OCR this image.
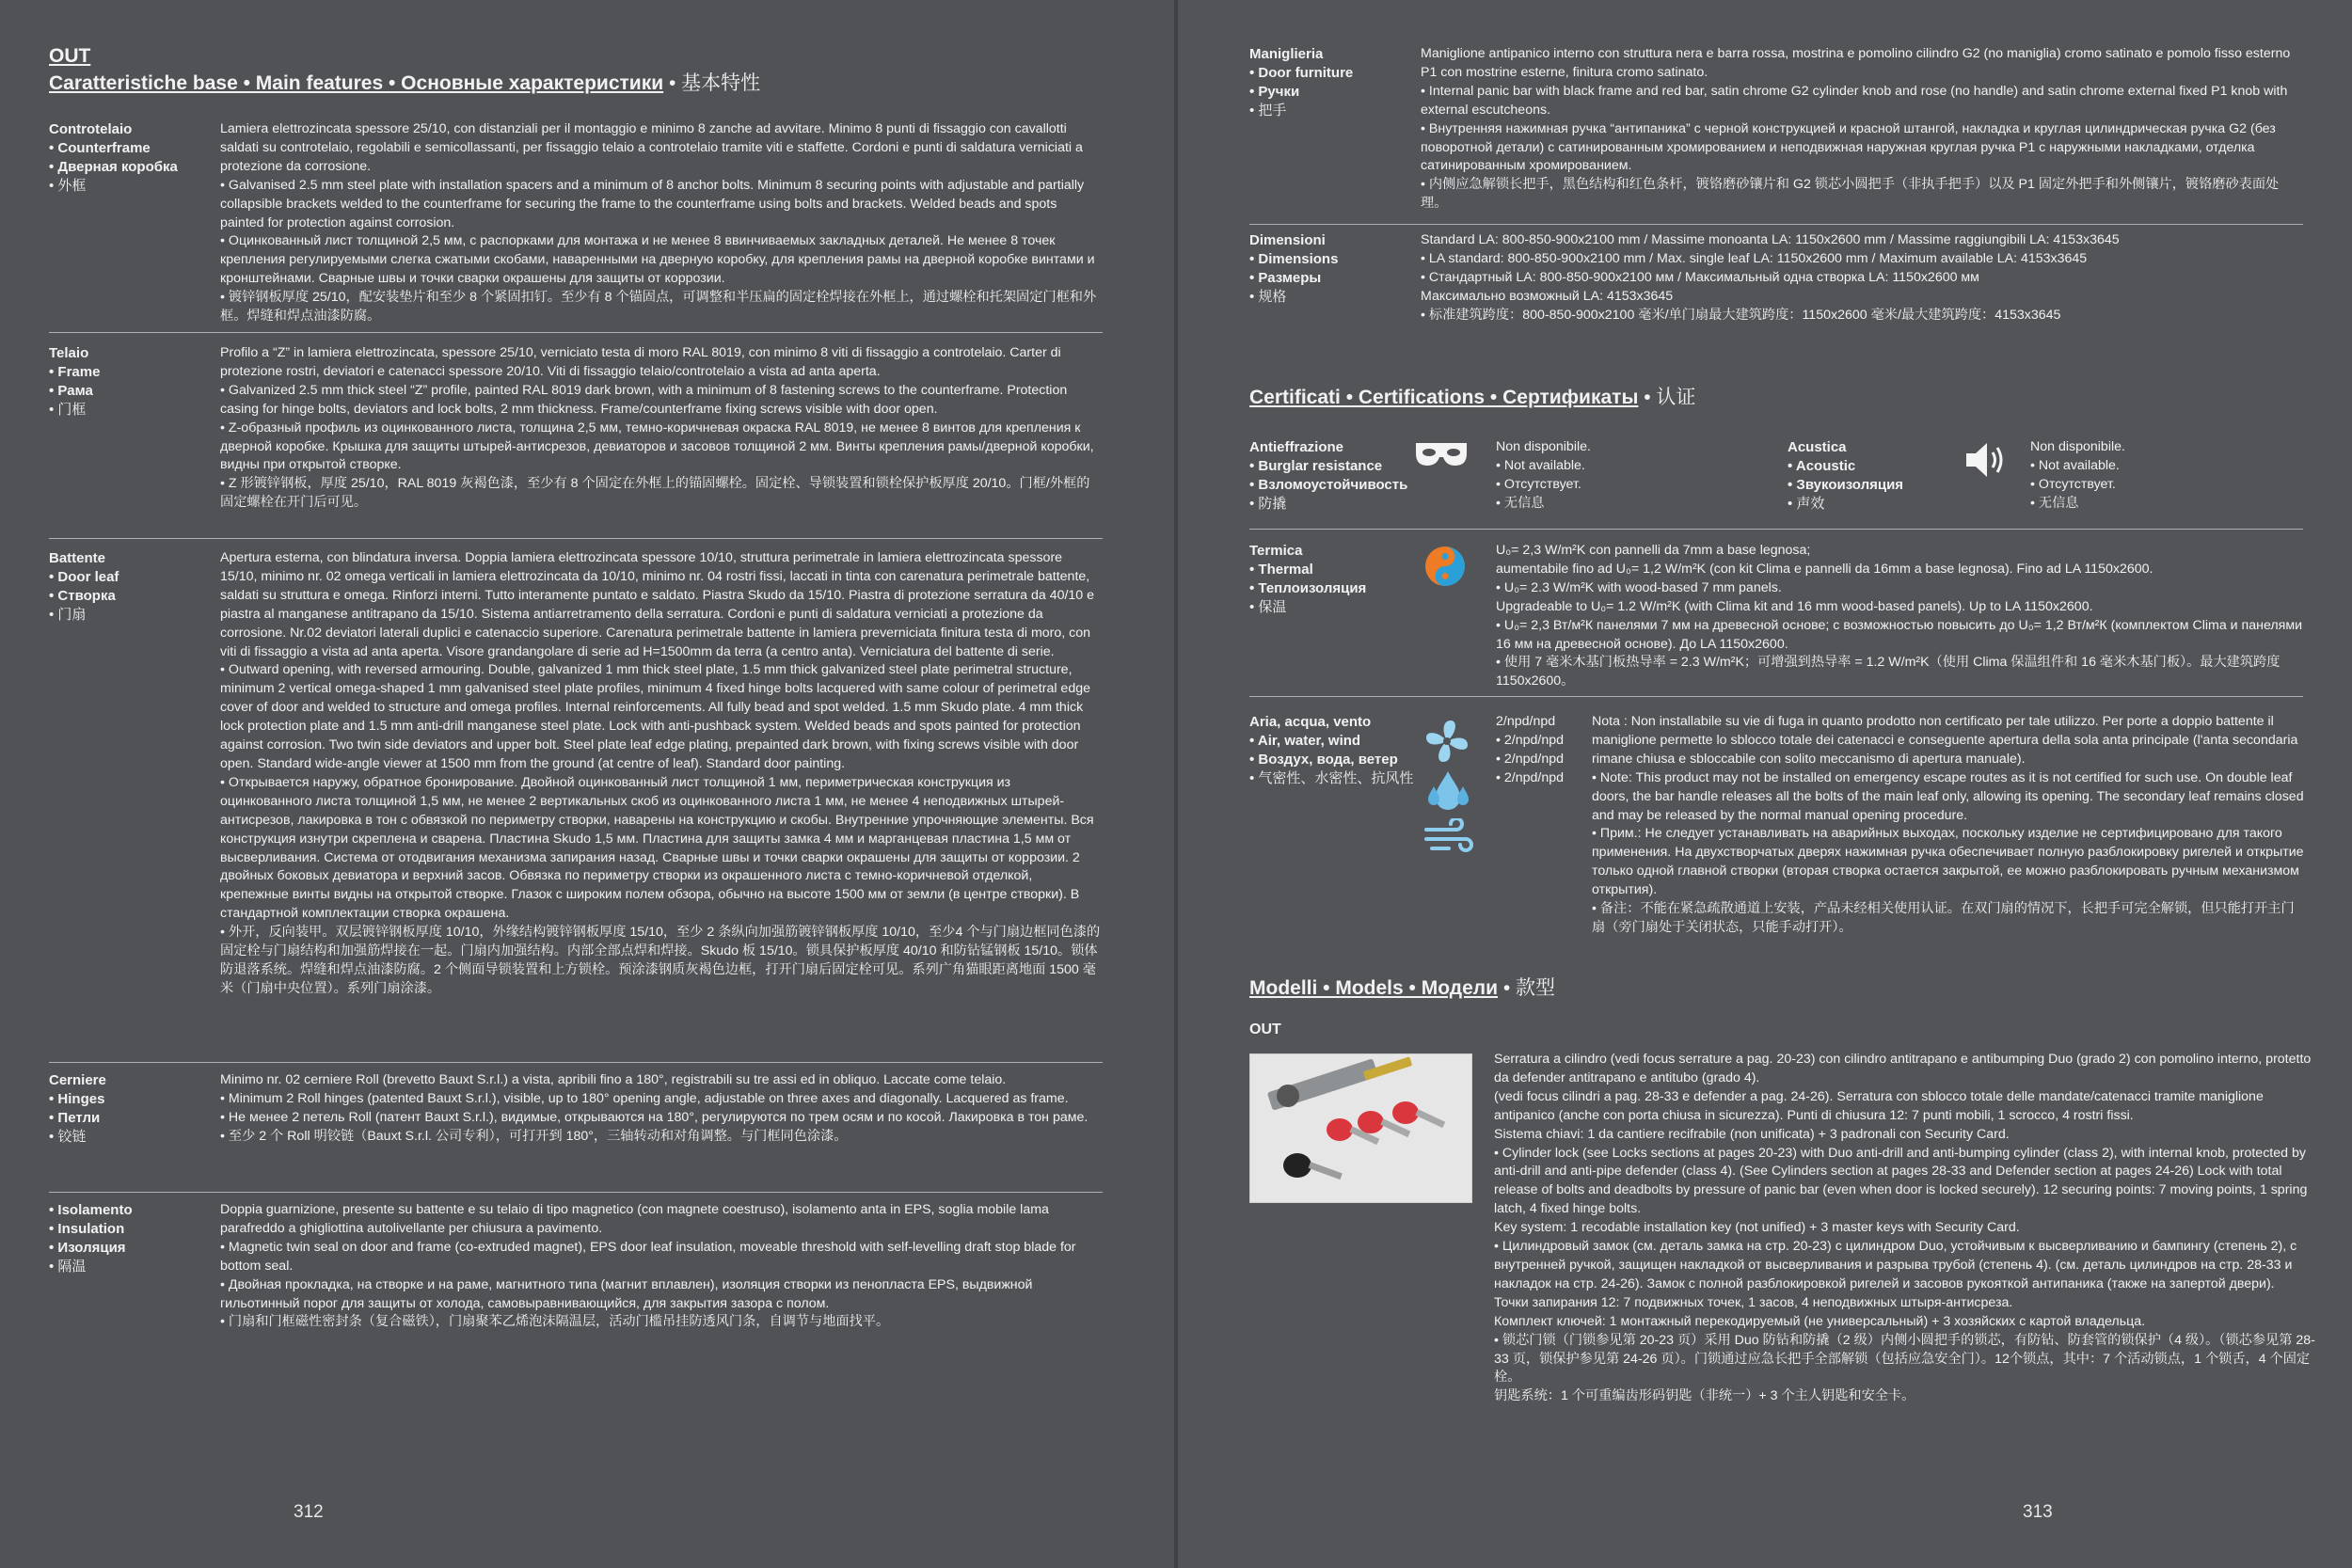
OUT
Caratteristiche base • Main features • Основные характеристики • 基本特性
Controtelaio
• Counterframe
• Дверная коробка
• 外框

Lamiera elettrozincata spessore 25/10, con distanziali per il montaggio e minimo 8 zanche ad avvitare. Minimo 8 punti di fissaggio con cavallotti saldati su controtelaio, regolabili e semicollassanti, per fissaggio telaio a controtelaio tramite viti e staffette. Cordoni e punti di saldatura verniciati a protezione da corrosione.

• Galvanised 2.5 mm steel plate with installation spacers and a minimum of 8 anchor bolts. Minimum 8 securing points with adjustable and partially collapsible brackets welded to the counterframe for securing the frame to the counterframe using bolts and brackets. Welded beads and spots painted for protection against corrosion.

• Оцинкованный лист толщиной 2,5 мм, с распорками для монтажа и не менее 8 ввинчиваемых закладных деталей. Не менее 8 точек крепления регулируемыми слегка сжатыми скобами, наваренными на дверную коробку, для крепления рамы на дверной коробке винтами и кронштейнами. Сварные швы и точки сварки окрашены для защиты от коррозии.

• 镀锌钢板厚度 25/10，配安装垫片和至少 8 个紧固扣钉。至少有 8 个锚固点，可调整和半压扁的固定栓焊接在外框上，通过螺栓和托架固定门框和外框。焊缝和焊点油漆防腐。

Telaio
• Frame
• Рама
• 门框

Profilo a “Z” in lamiera elettrozincata, spessore 25/10, verniciato testa di moro RAL 8019, con minimo 8 viti di fissaggio a controtelaio. Carter di protezione rostri, deviatori e catenacci spessore 20/10. Viti di fissaggio telaio/controtelaio a vista ad anta aperta.

• Galvanized 2.5 mm thick steel “Z” profile, painted RAL 8019 dark brown, with a minimum of 8 fastening screws to the counterframe. Protection casing for hinge bolts, deviators and lock bolts, 2 mm thickness. Frame/counterframe fixing screws visible with door open.

• Z-образный профиль из оцинкованного листа, толщина 2,5 мм, темно-коричневая окраска RAL 8019, не менее 8 винтов для крепления к дверной коробке. Крышка для защиты штырей-антисрезов, девиаторов и засовов толщиной 2 мм. Винты крепления рамы/дверной коробки, видны при открытой створке.

• Z 形镀锌钢板，厚度 25/10，RAL 8019 灰褐色漆，至少有 8 个固定在外框上的锚固螺栓。固定栓、导锁装置和锁栓保护板厚度 20/10。门框/外框的固定螺栓在开门后可见。

Battente
• Door leaf
• Створка
• 门扇

Apertura esterna, con blindatura inversa. Doppia lamiera elettrozincata spessore 10/10, struttura perimetrale in lamiera elettrozincata spessore 15/10, minimo nr. 02 omega verticali in lamiera elettrozincata da 10/10, minimo nr. 04 rostri fissi, laccati in tinta con carenatura perimetrale battente, saldati su struttura e omega. Rinforzi interni. Tutto interamente puntato e saldato. Piastra Skudo da 15/10. Piastra di protezione serratura da 40/10 e piastra al manganese antitrapano da 15/10. Sistema antiarretramento della serratura. Cordoni e punti di saldatura verniciati a protezione da corrosione. Nr.02 deviatori laterali duplici e catenaccio superiore. Carenatura perimetrale battente in lamiera preverniciata finitura testa di moro, con viti di fissaggio a vista ad anta aperta. Visore grandangolare di serie ad H=1500mm da terra (a centro anta). Verniciatura del battente di serie.

• Outward opening, with reversed armouring. Double, galvanized 1 mm thick steel plate, 1.5 mm thick galvanized steel plate perimetral structure, minimum 2 vertical omega-shaped 1 mm galvanised steel plate profiles, minimum 4 fixed hinge bolts lacquered with same colour of perimetral edge cover of door and welded to structure and omega profiles. Internal reinforcements. All fully bead and spot welded. 1.5 mm Skudo plate. 4 mm thick lock protection plate and 1.5 mm anti-drill manganese steel plate. Lock with anti-pushback system. Welded beads and spots painted for protection against corrosion. Two twin side deviators and upper bolt. Steel plate leaf edge plating, prepainted dark brown, with fixing screws visible with door open. Standard wide-angle viewer at 1500 mm from the ground (at centre of leaf). Standard door painting.

• Открывается наружу, обратное бронирование. Двойной оцинкованный лист толщиной 1 мм, периметрическая конструкция из оцинкованного листа толщиной 1,5 мм, не менее 2 вертикальных скоб из оцинкованного листа 1 мм, не менее 4 неподвижных штырей-антисрезов, лакировка в тон с обвязкой по периметру створки, наварены на конструкцию и скобы. Внутренние упрочняющие элементы. Вся конструкция изнутри скреплена и сварена. Пластина Skudo 1,5 мм. Пластина для защиты замка 4 мм и марганцевая пластина 1,5 мм от высверливания. Система от отодвигания механизма запирания назад. Сварные швы и точки сварки окрашены для защиты от коррозии. 2 двойных боковых девиатора и верхний засов. Обвязка по периметру створки из окрашенного листа с темно-коричневой отделкой, крепежные винты видны на открытой створке. Глазок с широким полем обзора, обычно на высоте 1500 мм от земли (в центре створки). В стандартной комплектации створка окрашена.

• 外开，反向装甲。双层镀锌钢板厚度 10/10，外缘结构镀锌钢板厚度 15/10，至少 2 条纵向加强筋镀锌钢板厚度 10/10，至少4 个与门扇边框同色漆的固定栓与门扇结构和加强筋焊接在一起。门扇内加强结构。内部全部点焊和焊接。Skudo 板 15/10。锁具保护板厚度 40/10 和防钻锰钢板 15/10。锁体防退落系统。焊缝和焊点油漆防腐。2 个侧面导锁装置和上方锁栓。预涂漆钢质灰褐色边框，打开门扇后固定栓可见。系列广角猫眼距离地面 1500 毫米（门扇中央位置）。系列门扇涂漆。

Cerniere
• Hinges
• Петли
• 铰链

Minimo nr. 02 cerniere Roll (brevetto Bauxt S.r.l.) a vista, apribili fino a 180°, registrabili su tre assi ed in obliquo. Laccate come telaio.

• Minimum 2 Roll hinges (patented Bauxt S.r.l.), visible, up to 180° opening angle, adjustable on three axes and diagonally. Lacquered as frame.

• Не менее 2 петель Roll (патент Bauxt S.r.l.), видимые, открываются на 180°, регулируются по трем осям и по косой. Лакировка в тон раме.

• 至少 2 个 Roll 明铰链（Bauxt S.r.l. 公司专利），可打开到 180°，三轴转动和对角调整。与门框同色涂漆。

• Isolamento
• Insulation
• Изоляция
• 隔温

Doppia guarnizione, presente su battente e su telaio di tipo magnetico (con magnete coestruso), isolamento anta in EPS, soglia mobile lama parafreddo a ghigliottina autolivellante per chiusura a pavimento.

• Magnetic twin seal on door and frame (co-extruded magnet), EPS door leaf insulation, moveable threshold with self-levelling draft stop blade for bottom seal.

• Двойная прокладка, на створке и на раме, магнитного типа (магнит вплавлен), изоляция створки из пенопласта EPS, выдвижной гильотинный порог для защиты от холода, самовыравнивающийся, для закрытия зазора с полом.

• 门扇和门框磁性密封条（复合磁铁），门扇聚苯乙烯泡沫隔温层，活动门槛吊挂防透风门条，自调节与地面找平。

312
Maniglieria
• Door furniture
• Ручки
• 把手

Maniglione antipanico interno con struttura nera e barra rossa, mostrina e pomolino cilindro G2 (no maniglia) cromo satinato e pomolo fisso esterno P1 con mostrine esterne, finitura cromo satinato.

• Internal panic bar with black frame and red bar, satin chrome G2 cylinder knob and rose (no handle) and satin chrome external fixed P1 knob with external escutcheons.

• Внутренняя нажимная ручка “антипаника” с черной конструкцией и красной штангой, накладка и круглая цилиндрическая ручка G2 (без поворотной детали) с сатинированным хромированием и неподвижная наружная круглая ручка P1 с наружными накладками, отделка сатинированным хромированием.

• 内侧应急解锁长把手，黑色结构和红色条杆，镀铬磨砂镶片和 G2 锁芯小圆把手（非执手把手）以及 P1 固定外把手和外侧镶片，镀铬磨砂表面处理。

Dimensioni
• Dimensions
• Размеры
• 规格

Standard LA: 800-850-900x2100 mm / Massime monoanta LA: 1150x2600 mm / Massime raggiungibili LA: 4153x3645

• LA standard: 800-850-900x2100 mm / Max. single leaf LA: 1150x2600 mm / Maximum available LA: 4153x3645

• Стандартный LA: 800-850-900x2100 мм / Максимальный одна створка LA: 1150x2600 мм

Максимально возможный LA: 4153x3645

• 标准建筑跨度：800-850-900x2100 毫米/单门扇最大建筑跨度：1150x2600 毫米/最大建筑跨度：4153x3645

Certificati • Certifications • Сертификаты • 认证
Antieffrazione
• Burglar resistance
• Взломоустойчивость
• 防撬

Non disponibile.

• Not available.

• Отсутствует.

• 无信息

Acustica
• Acoustic
• Звукоизоляция
• 声效

Non disponibile.

• Not available.

• Отсутствует.

• 无信息

Termica
• Thermal
• Теплоизоляция
• 保温

U₀= 2,3 W/m²K con pannelli da 7mm a base legnosa;

aumentabile fino ad U₀= 1,2 W/m²K (con kit Clima e pannelli da 16mm a base legnosa). Fino ad LA 1150x2600.

• U₀= 2.3 W/m²K with wood-based 7 mm panels.

Upgradeable to U₀= 1.2 W/m²K (with Clima kit and 16 mm wood-based panels). Up to LA 1150x2600.

• U₀= 2,3 Вт/м²К панелями 7 мм на древесной основе; с возможностью повысить до U₀= 1,2 Вт/м²К (комплектом Clima и панелями 16 мм на древесной основе). До LA 1150x2600.

• 使用 7 毫米木基门板热导率 = 2.3 W/m²K；可增强到热导率 = 1.2 W/m²K（使用 Clima 保温组件和 16 毫米木基门板）。最大建筑跨度 1150x2600。

Aria, acqua, vento
• Air, water, wind
• Воздух, вода, ветер
• 气密性、水密性、抗风性

2/npd/npd

• 2/npd/npd

• 2/npd/npd

• 2/npd/npd

Nota : Non installabile su vie di fuga in quanto prodotto non certificato per tale utilizzo. Per porte a doppio battente il maniglione permette lo sblocco totale dei catenacci e conseguente apertura della sola anta principale (l'anta secondaria rimane chiusa e sbloccabile con solito meccanismo di apertura manuale).

• Note: This product may not be installed on emergency escape routes as it is not certified for such use. On double leaf doors, the bar handle releases all the bolts of the main leaf only, allowing its opening. The secondary leaf remains closed and may be released by the normal manual opening procedure.

• Прим.: Не следует устанавливать на аварийных выходах, поскольку изделие не сертифицировано для такого применения. На двухстворчатых дверях нажимная ручка обеспечивает полную разблокировку ригелей и открытие только одной главной створки (вторая створка остается закрытой, ее можно разблокировать ручным механизмом открытия).

• 备注：不能在紧急疏散通道上安装，产品未经相关使用认证。在双门扇的情况下，长把手可完全解锁，但只能打开主门扇（旁门扇处于关闭状态，只能手动打开）。

Modelli • Models • Модели • 款型
OUT

Serratura a cilindro (vedi focus serrature a pag. 20-23) con cilindro antitrapano e antibumping Duo (grado 2) con pomolino interno, protetto da defender antitrapano e antitubo (grado 4).

(vedi focus cilindri a pag. 28-33 e defender a pag. 24-26). Serratura con sblocco totale delle mandate/catenacci tramite maniglione antipanico (anche con porta chiusa in sicurezza). Punti di chiusura 12: 7 punti mobili, 1 scrocco, 4 rostri fissi.

Sistema chiavi: 1 da cantiere recifrabile (non unificata) + 3 padronali con Security Card.

• Cylinder lock (see Locks sections at pages 20-23) with Duo anti-drill and anti-bumping cylinder (class 2), with internal knob, protected by anti-drill and anti-pipe defender (class 4). (See Cylinders section at pages 28-33 and Defender section at pages 24-26) Lock with total release of bolts and deadbolts by pressure of panic bar (even when door is locked securely). 12 securing points: 7 moving points, 1 spring latch, 4 fixed hinge bolts.

Key system: 1 recodable installation key (not unified) + 3 master keys with Security Card.

• Цилиндровый замок (см. деталь замка на стр. 20-23) с цилиндром Duo, устойчивым к высверливанию и бампингу (степень 2), с внутренней ручкой, защищен накладкой от высверливания и разрыва трубой (степень 4). (см. деталь цилиндров на стр. 28-33 и накладок на стр. 24-26). Замок с полной разблокировкой ригелей и засовов рукояткой антипаника (также на запертой двери).

Точки запирания 12: 7 подвижных точек, 1 засов, 4 неподвижных штыря-антисреза.

Комплект ключей: 1 монтажный перекодируемый (не универсальный) + 3 хозяйских с картой владельца.

• 锁芯门锁（门锁参见第 20-23 页）采用 Duo 防钻和防撬（2 级）内侧小圆把手的锁芯，有防钻、防套管的锁保护（4 级）。（锁芯参见第 28-33 页，锁保护参见第 24-26 页）。门锁通过应急长把手全部解锁（包括应急安全门）。12个锁点，其中：7 个活动锁点，1 个锁舌，4 个固定栓。

钥匙系统：1 个可重编齿形码钥匙（非统一）+ 3 个主人钥匙和安全卡。

313
